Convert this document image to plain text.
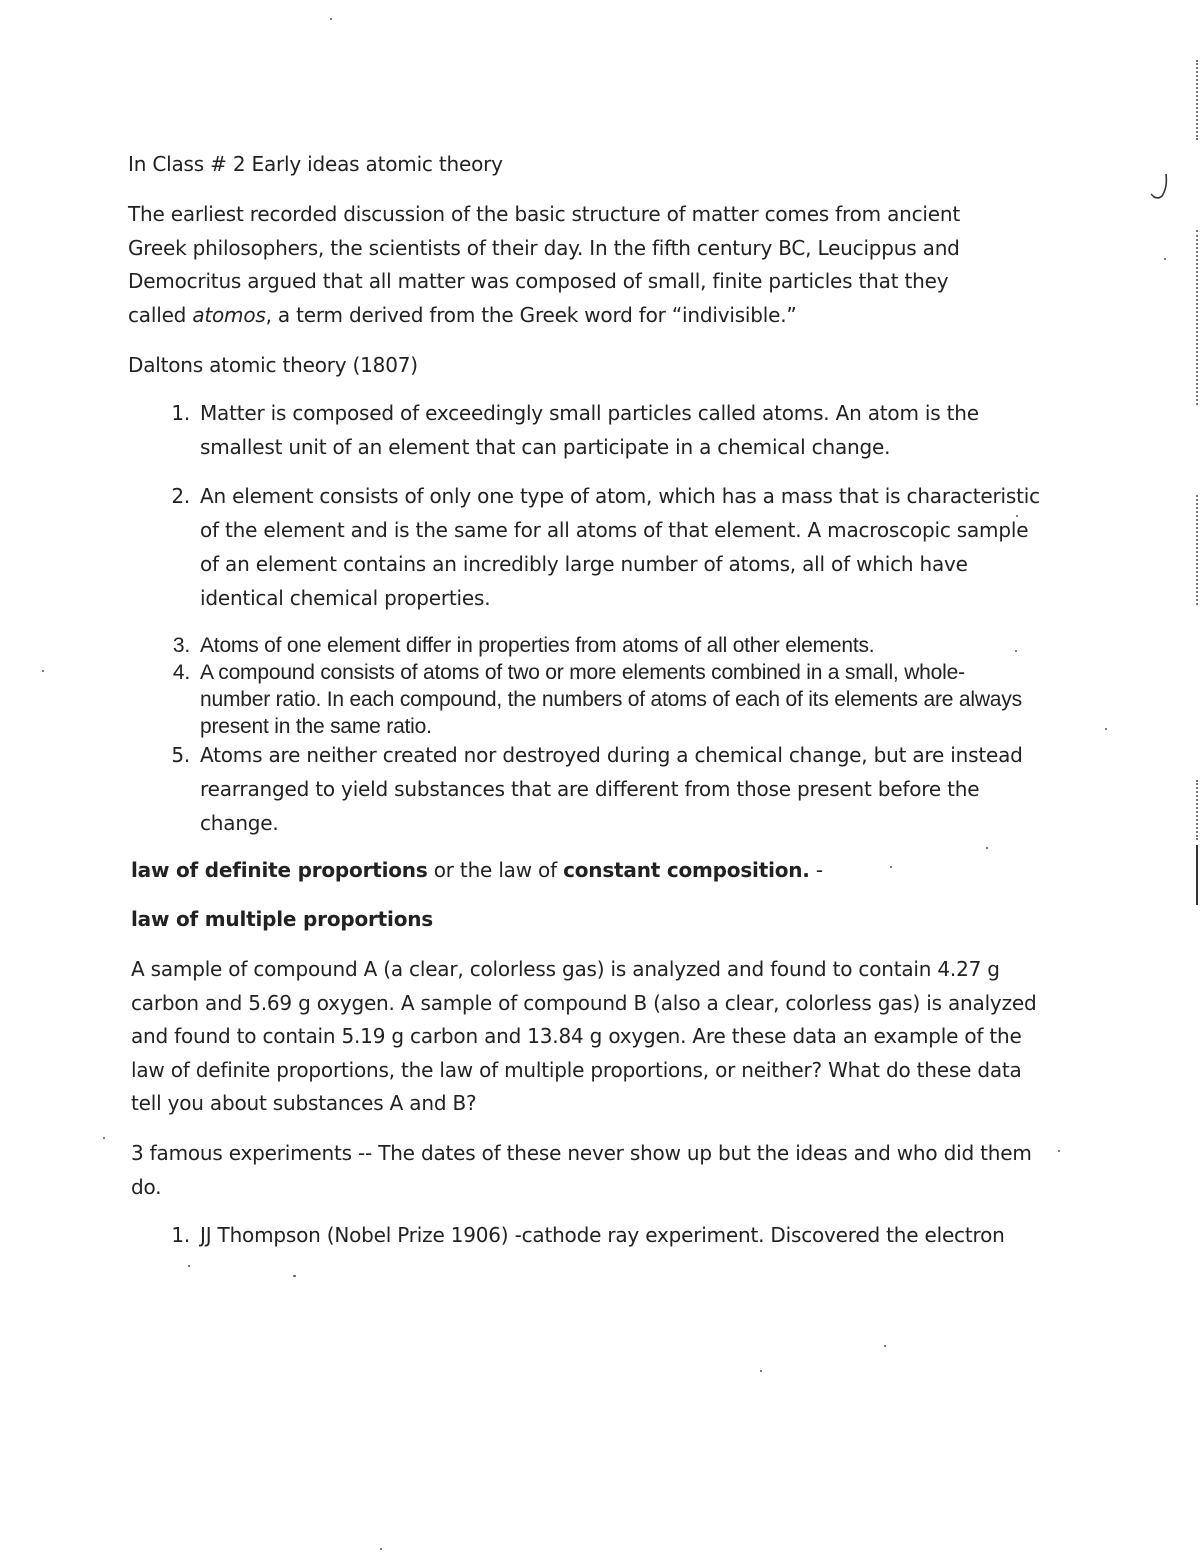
In Class # 2 Early ideas atomic theory
The earliest recorded discussion of the basic structure of matter comes from ancient Greek philosophers, the scientists of their day. In the fifth century BC, Leucippus and Democritus argued that all matter was composed of small, finite particles that they called atomos, a term derived from the Greek word for “indivisible.”
Daltons atomic theory (1807)
1. Matter is composed of exceedingly small particles called atoms. An atom is the smallest unit of an element that can participate in a chemical change.
2. An element consists of only one type of atom, which has a mass that is characteristic of the element and is the same for all atoms of that element. A macroscopic sample of an element contains an incredibly large number of atoms, all of which have identical chemical properties.
3. Atoms of one element differ in properties from atoms of all other elements.
4. A compound consists of atoms of two or more elements combined in a small, whole-number ratio. In each compound, the numbers of atoms of each of its elements are always present in the same ratio.
5. Atoms are neither created nor destroyed during a chemical change, but are instead rearranged to yield substances that are different from those present before the change.
law of definite proportions or the law of constant composition. -
law of multiple proportions
A sample of compound A (a clear, colorless gas) is analyzed and found to contain 4.27 g carbon and 5.69 g oxygen. A sample of compound B (also a clear, colorless gas) is analyzed and found to contain 5.19 g carbon and 13.84 g oxygen. Are these data an example of the law of definite proportions, the law of multiple proportions, or neither? What do these data tell you about substances A and B?
3 famous experiments -- The dates of these never show up but the ideas and who did them do.
1. JJ Thompson (Nobel Prize 1906) -cathode ray experiment. Discovered the electron
